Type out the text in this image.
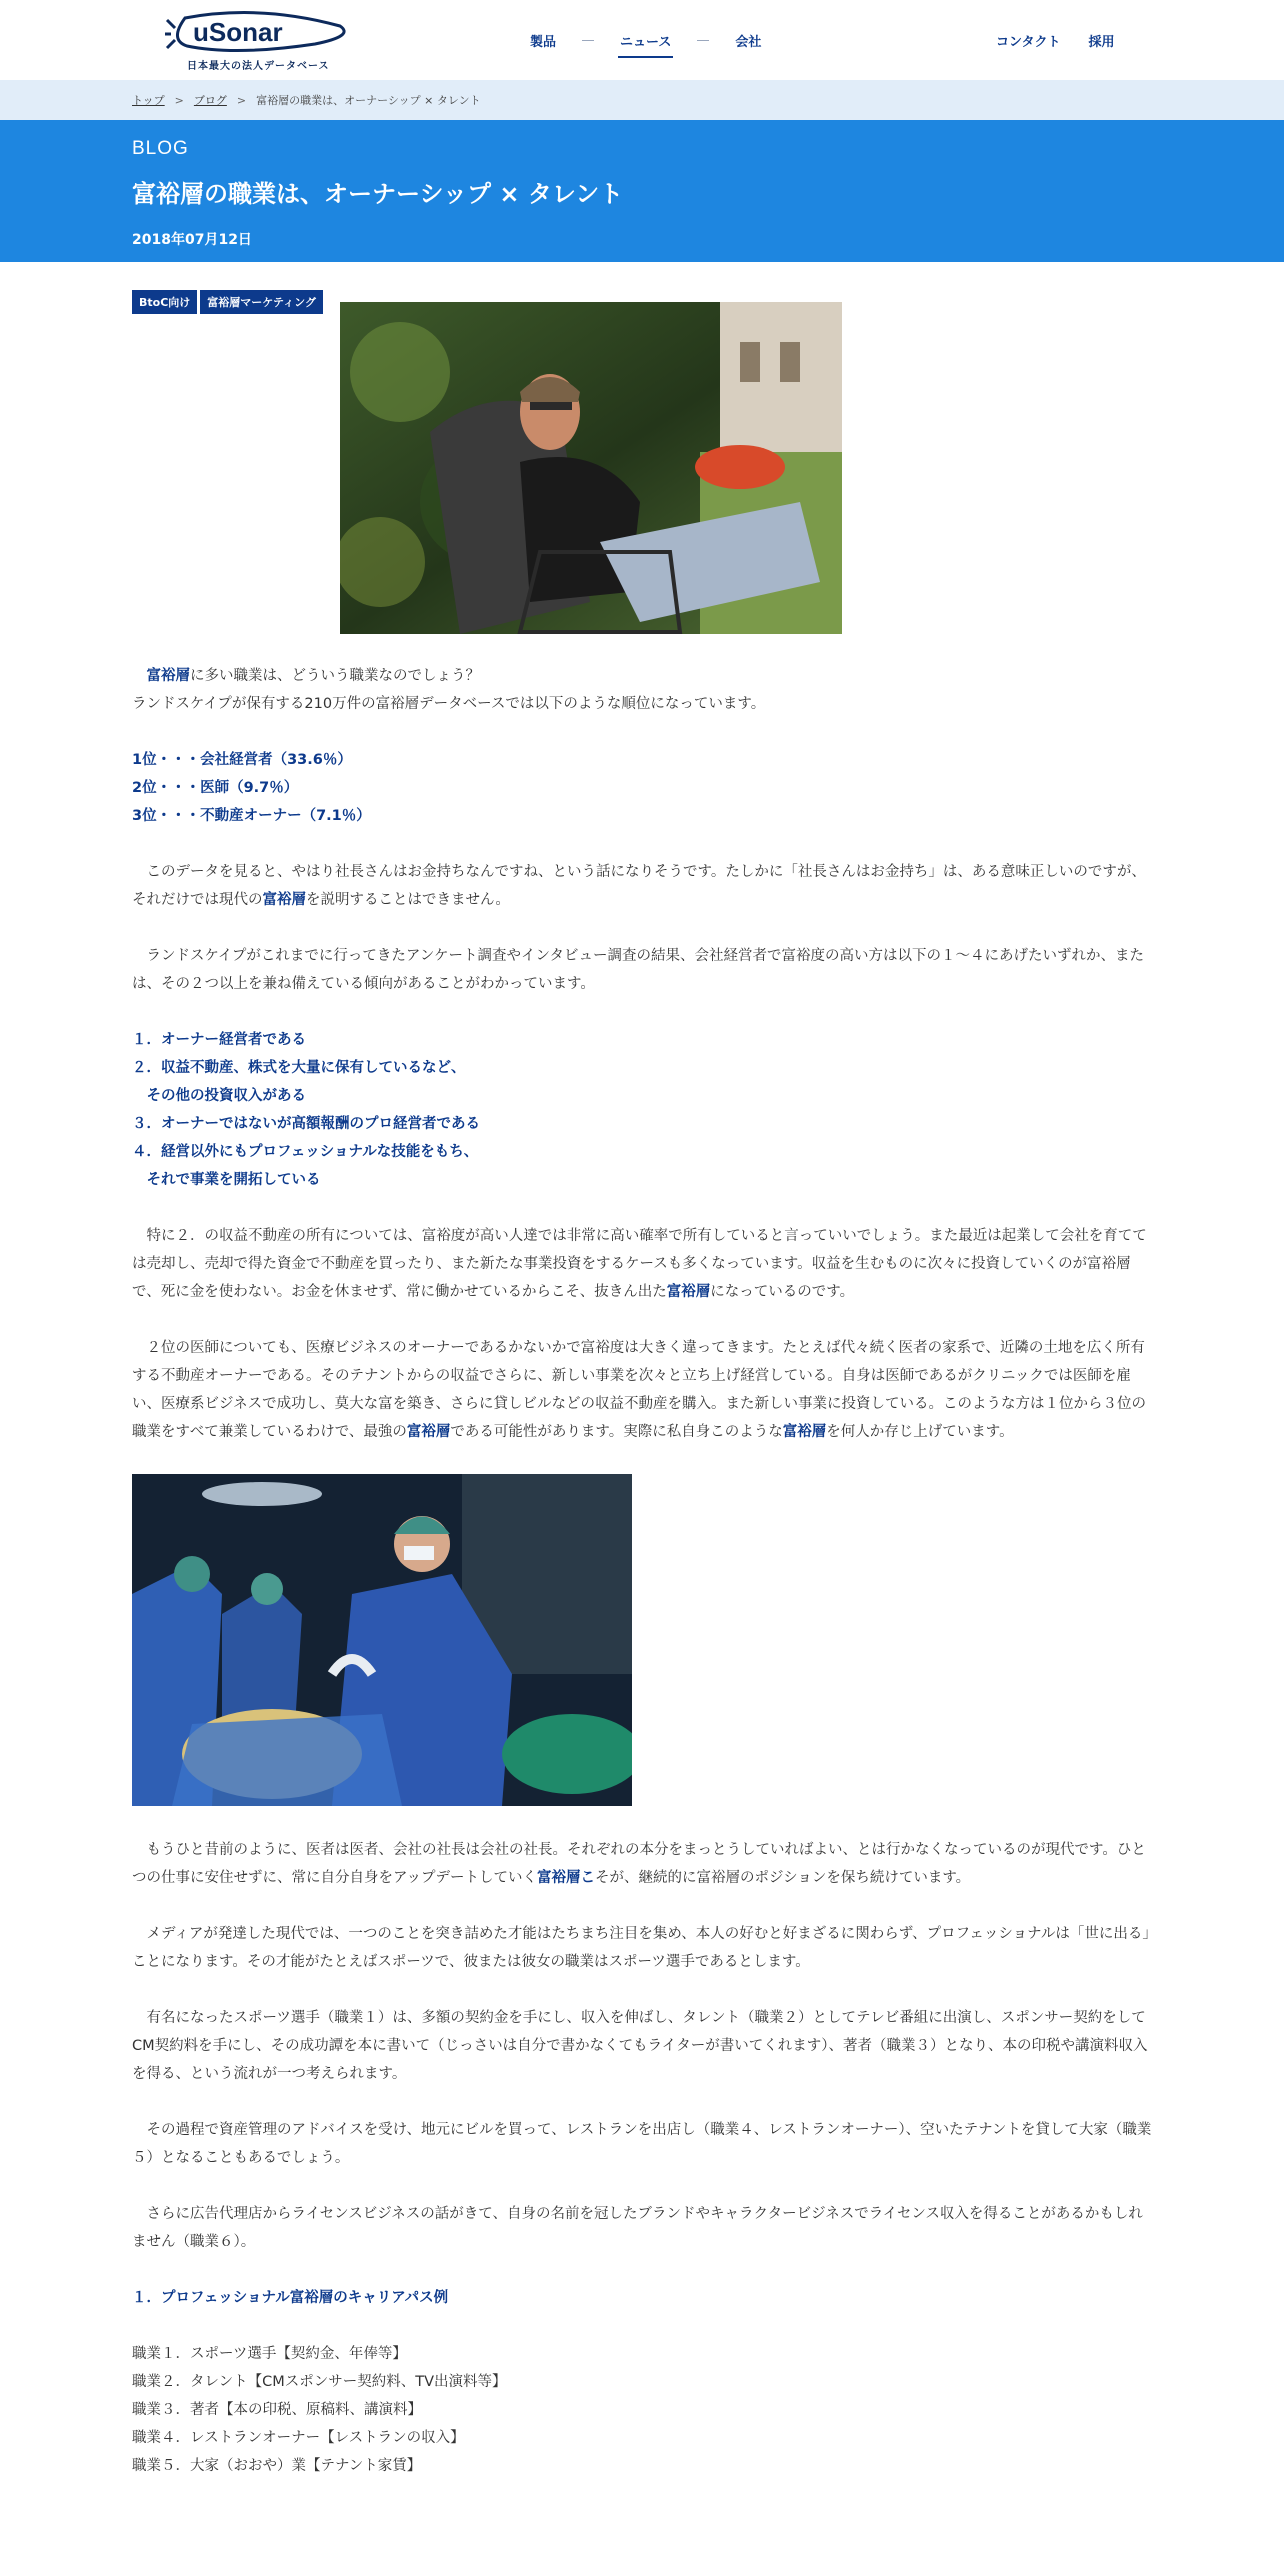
uSonar
日本最大の法人データベース
製品	ニュース	会社	コンタクト 採用
トップ > ブログ > 富裕層の職業は、オーナーシップ × タレント
BLOG
富裕層の職業は、オーナーシップ × タレント
2018年07月12日
BtoC向け	富裕層マーケティング

　富裕層に多い職業は、どういう職業なのでしょう？
ランドスケイプが保有する210万件の富裕層データベースでは以下のような順位になっています。

1位・・・会社経営者（33.6％）
2位・・・医師（9.7％）
3位・・・不動産オーナー（7.1％）

　このデータを見ると、やはり社長さんはお金持ちなんですね、という話になりそうです。たしかに「社長さんはお金持ち」は、ある意味正しいのですが、それだけでは現代の富裕層を説明することはできません。

　ランドスケイプがこれまでに行ってきたアンケート調査やインタビュー調査の結果、会社経営者で富裕度の高い方は以下の１～４にあげたいずれか、または、その２つ以上を兼ね備えている傾向があることがわかっています。

１．オーナー経営者である
２．収益不動産、株式を大量に保有しているなど、
　その他の投資収入がある
３．オーナーではないが高額報酬のプロ経営者である
４．経営以外にもプロフェッショナルな技能をもち、
　それで事業を開拓している

　特に２．の収益不動産の所有については、富裕度が高い人達では非常に高い確率で所有していると言っていいでしょう。また最近は起業して会社を育てては売却し、売却で得た資金で不動産を買ったり、また新たな事業投資をするケースも多くなっています。収益を生むものに次々に投資していくのが富裕層で、死に金を使わない。お金を休ませず、常に働かせているからこそ、抜きん出た富裕層になっているのです。

　２位の医師についても、医療ビジネスのオーナーであるかないかで富裕度は大きく違ってきます。たとえば代々続く医者の家系で、近隣の土地を広く所有する不動産オーナーである。そのテナントからの収益でさらに、新しい事業を次々と立ち上げ経営している。自身は医師であるがクリニックでは医師を雇い、医療系ビジネスで成功し、莫大な富を築き、さらに貸しビルなどの収益不動産を購入。また新しい事業に投資している。このような方は１位から３位の職業をすべて兼業しているわけで、最強の富裕層である可能性があります。実際に私自身このような富裕層を何人か存じ上げています。

　もうひと昔前のように、医者は医者、会社の社長は会社の社長。それぞれの本分をまっとうしていればよい、とは行かなくなっているのが現代です。ひとつの仕事に安住せずに、常に自分自身をアップデートしていく富裕層こそが、継続的に富裕層のポジションを保ち続けています。

　メディアが発達した現代では、一つのことを突き詰めた才能はたちまち注目を集め、本人の好むと好まざるに関わらず、プロフェッショナルは「世に出る」ことになります。その才能がたとえばスポーツで、彼または彼女の職業はスポーツ選手であるとします。

　有名になったスポーツ選手（職業１）は、多額の契約金を手にし、収入を伸ばし、タレント（職業２）としてテレビ番組に出演し、スポンサー契約をしてCM契約料を手にし、その成功譚を本に書いて（じっさいは自分で書かなくてもライターが書いてくれます）、著者（職業３）となり、本の印税や講演料収入を得る、という流れが一つ考えられます。

　その過程で資産管理のアドバイスを受け、地元にビルを買って、レストランを出店し（職業４、レストランオーナー）、空いたテナントを貸して大家（職業５）となることもあるでしょう。

　さらに広告代理店からライセンスビジネスの話がきて、自身の名前を冠したブランドやキャラクタービジネスでライセンス収入を得ることがあるかもしれません（職業６）。

１．プロフェッショナル富裕層のキャリアパス例

職業１．スポーツ選手【契約金、年俸等】
職業２．タレント【CMスポンサー契約料、TV出演料等】
職業３．著者【本の印税、原稿料、講演料】
職業４．レストランオーナー【レストランの収入】
職業５．大家（おおや）業【テナント家賃】
